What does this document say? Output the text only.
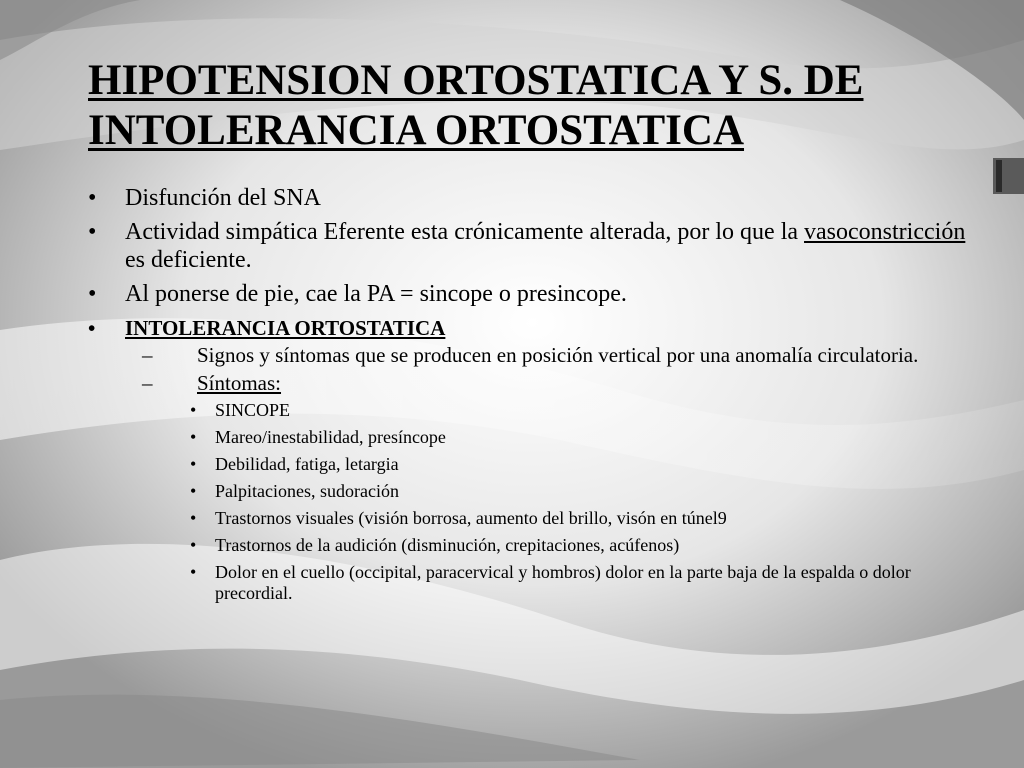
HIPOTENSION ORTOSTATICA Y S. DE
INTOLERANCIA ORTOSTATICA
• Disfunción del SNA
• Actividad simpática Eferente esta crónicamente alterada, por lo que la vasoconstricción es deficiente.
• Al ponerse de pie, cae la PA = sincope o presincope.
• INTOLERANCIA ORTOSTATICA
– Signos y síntomas que se producen en posición vertical por una anomalía circulatoria.
– Síntomas:
• SINCOPE
• Mareo/inestabilidad, presíncope
• Debilidad, fatiga, letargia
• Palpitaciones, sudoración
• Trastornos visuales (visión borrosa, aumento del brillo, visón en túnel9
• Trastornos de la audición (disminución, crepitaciones, acúfenos)
• Dolor en el cuello (occipital, paracervical y hombros) dolor en la parte baja de la espalda o dolor precordial.
